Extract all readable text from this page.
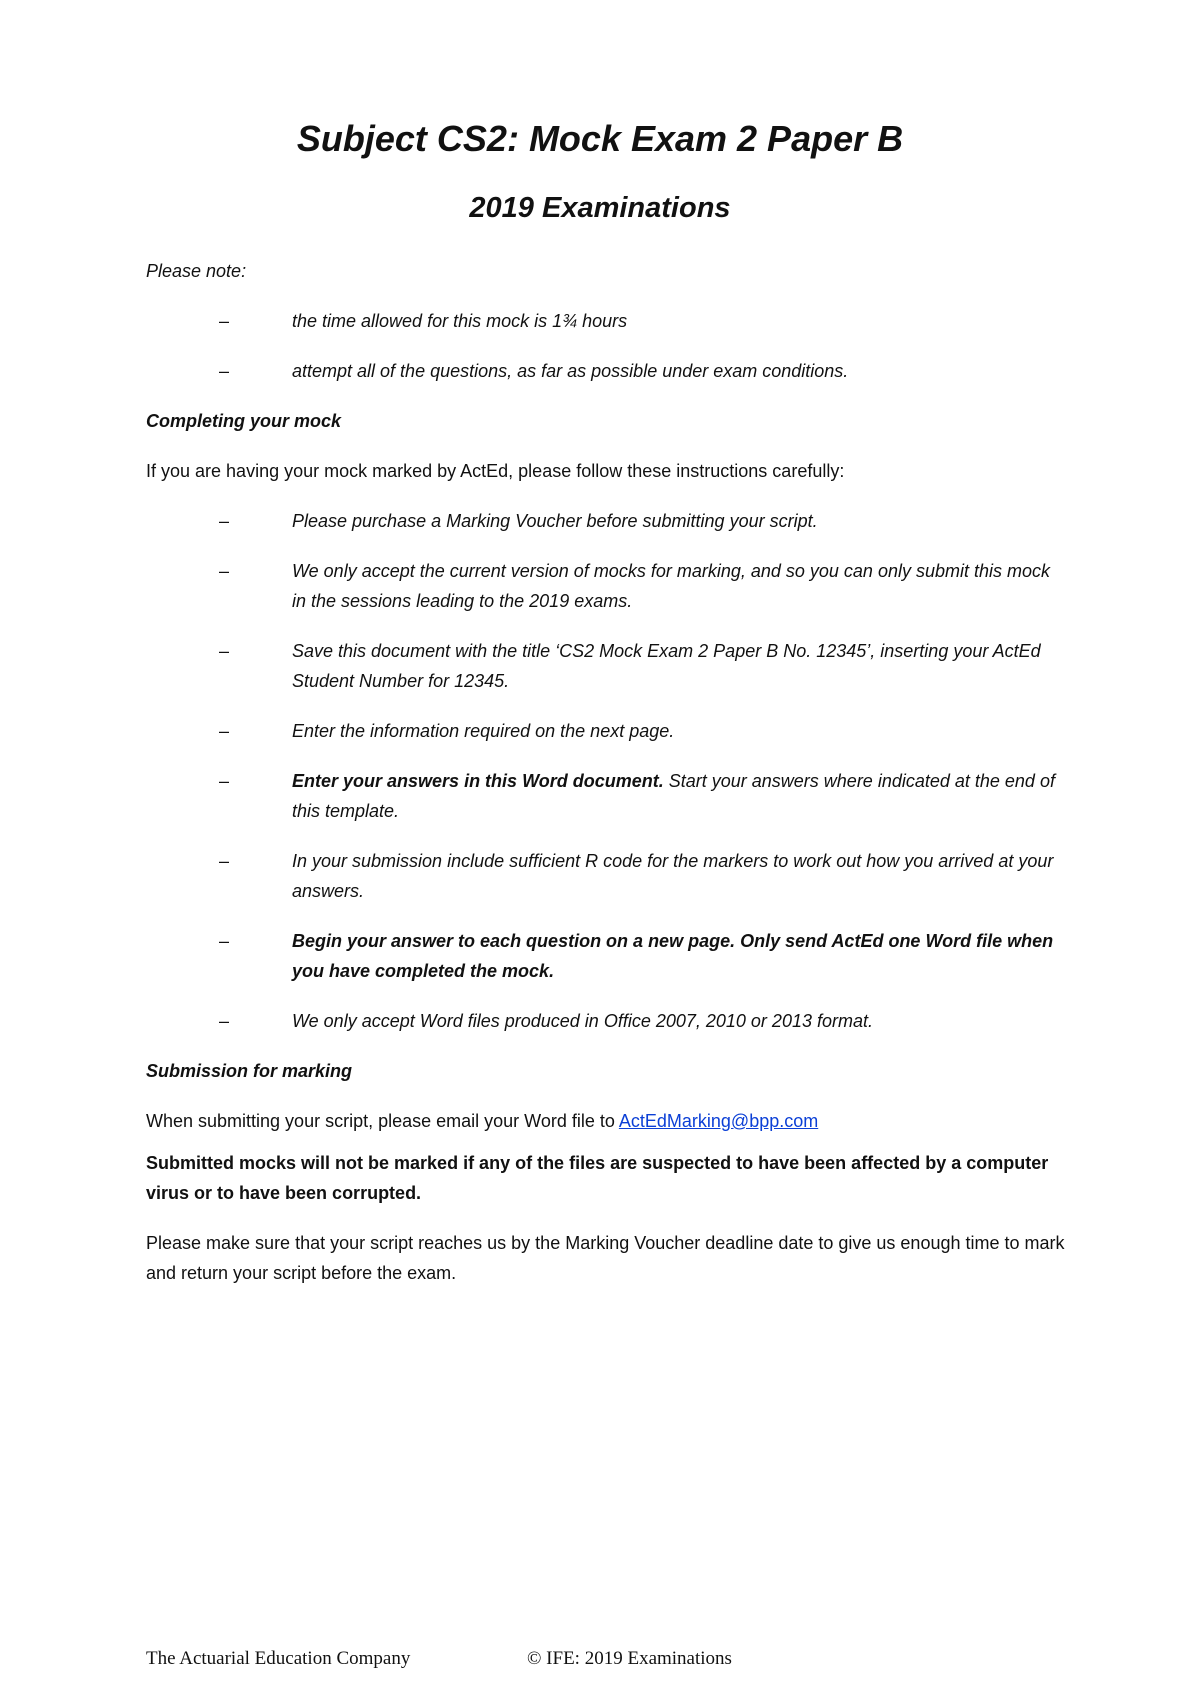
Subject CS2: Mock Exam 2 Paper B
2019 Examinations

Please note:

–	the time allowed for this mock is 1¾ hours
–	attempt all of the questions, as far as possible under exam conditions.

Completing your mock

If you are having your mock marked by ActEd, please follow these instructions carefully:

–	Please purchase a Marking Voucher before submitting your script.
–	We only accept the current version of mocks for marking, and so you can only submit this mock in the sessions leading to the 2019 exams.
–	Save this document with the title ‘CS2 Mock Exam 2 Paper B No. 12345’, inserting your ActEd Student Number for 12345.
–	Enter the information required on the next page.
–	Enter your answers in this Word document. Start your answers where indicated at the end of this template.
–	In your submission include sufficient R code for the markers to work out how you arrived at your answers.
–	Begin your answer to each question on a new page. Only send ActEd one Word file when you have completed the mock.
–	We only accept Word files produced in Office 2007, 2010 or 2013 format.

Submission for marking

When submitting your script, please email your Word file to ActEdMarking@bpp.com

Submitted mocks will not be marked if any of the files are suspected to have been affected by a computer virus or to have been corrupted.

Please make sure that your script reaches us by the Marking Voucher deadline date to give us enough time to mark and return your script before the exam.

The Actuarial Education Company	© IFE: 2019 Examinations
